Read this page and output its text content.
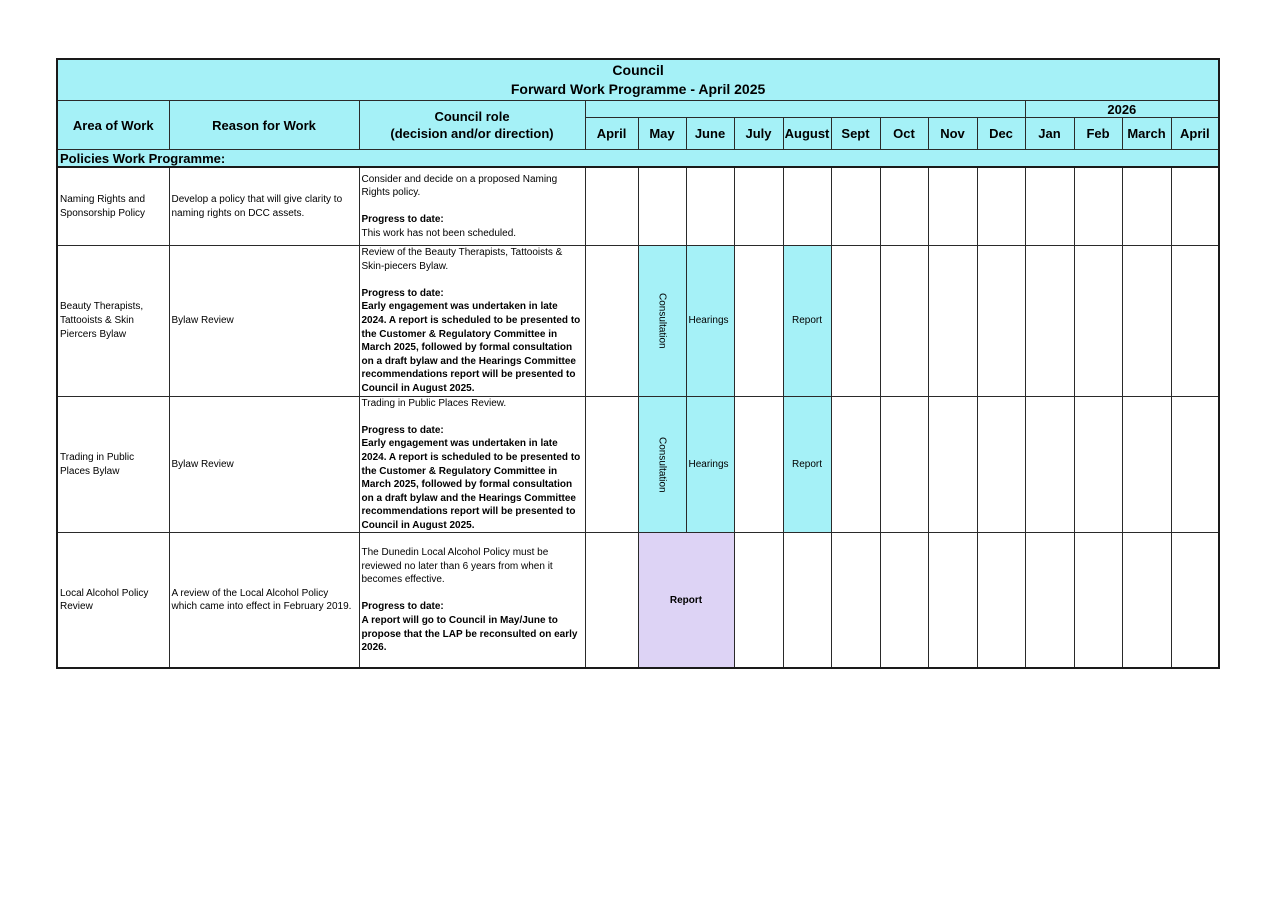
Council
Forward Work Programme - April 2025															

Area of Work	Reason for Work	Council role
(decision and/or direction)										2026			
			April	May	June	July	August	Sept	Oct	Nov	Dec	Jan	Feb	March	April
Policies Work Programme:															
Naming Rights and Sponsorship Policy	Develop a policy that will give clarity to naming rights on DCC assets.	Consider and decide on a proposed Naming Rights policy.

Progress to date:

This work has not been scheduled.													

Beauty Therapists, Tattooists & Skin Piercers Bylaw	Bylaw Review	Review of the Beauty Therapists, Tattooists & Skin-piecers Bylaw.

Progress to date:

Early engagement was undertaken in late 2024. A report is scheduled to be presented to the Customer & Regulatory Committee in March 2025, followed by formal consultation on a draft bylaw and the Hearings Committee recommendations report will be presented to Council in August 2025.		Consultation	Hearings		Report								
Trading in Public Places Bylaw	Bylaw Review	Trading in Public Places Review.

Progress to date:

Early engagement was undertaken in late 2024. A report is scheduled to be presented to the Customer & Regulatory Committee in March 2025, followed by formal consultation on a draft bylaw and the Hearings Committee recommendations report will be presented to Council in August 2025.		Consultation	Hearings		Report								
Local Alcohol Policy Review	A review of the Local Alcohol Policy which came into effect in February 2019.	The Dunedin Local Alcohol Policy must be reviewed no later than 6 years from when it becomes effective.

Progress to date:

A report will go to Council in May/June to propose that the LAP be reconsulted on early 2026.		Report											
